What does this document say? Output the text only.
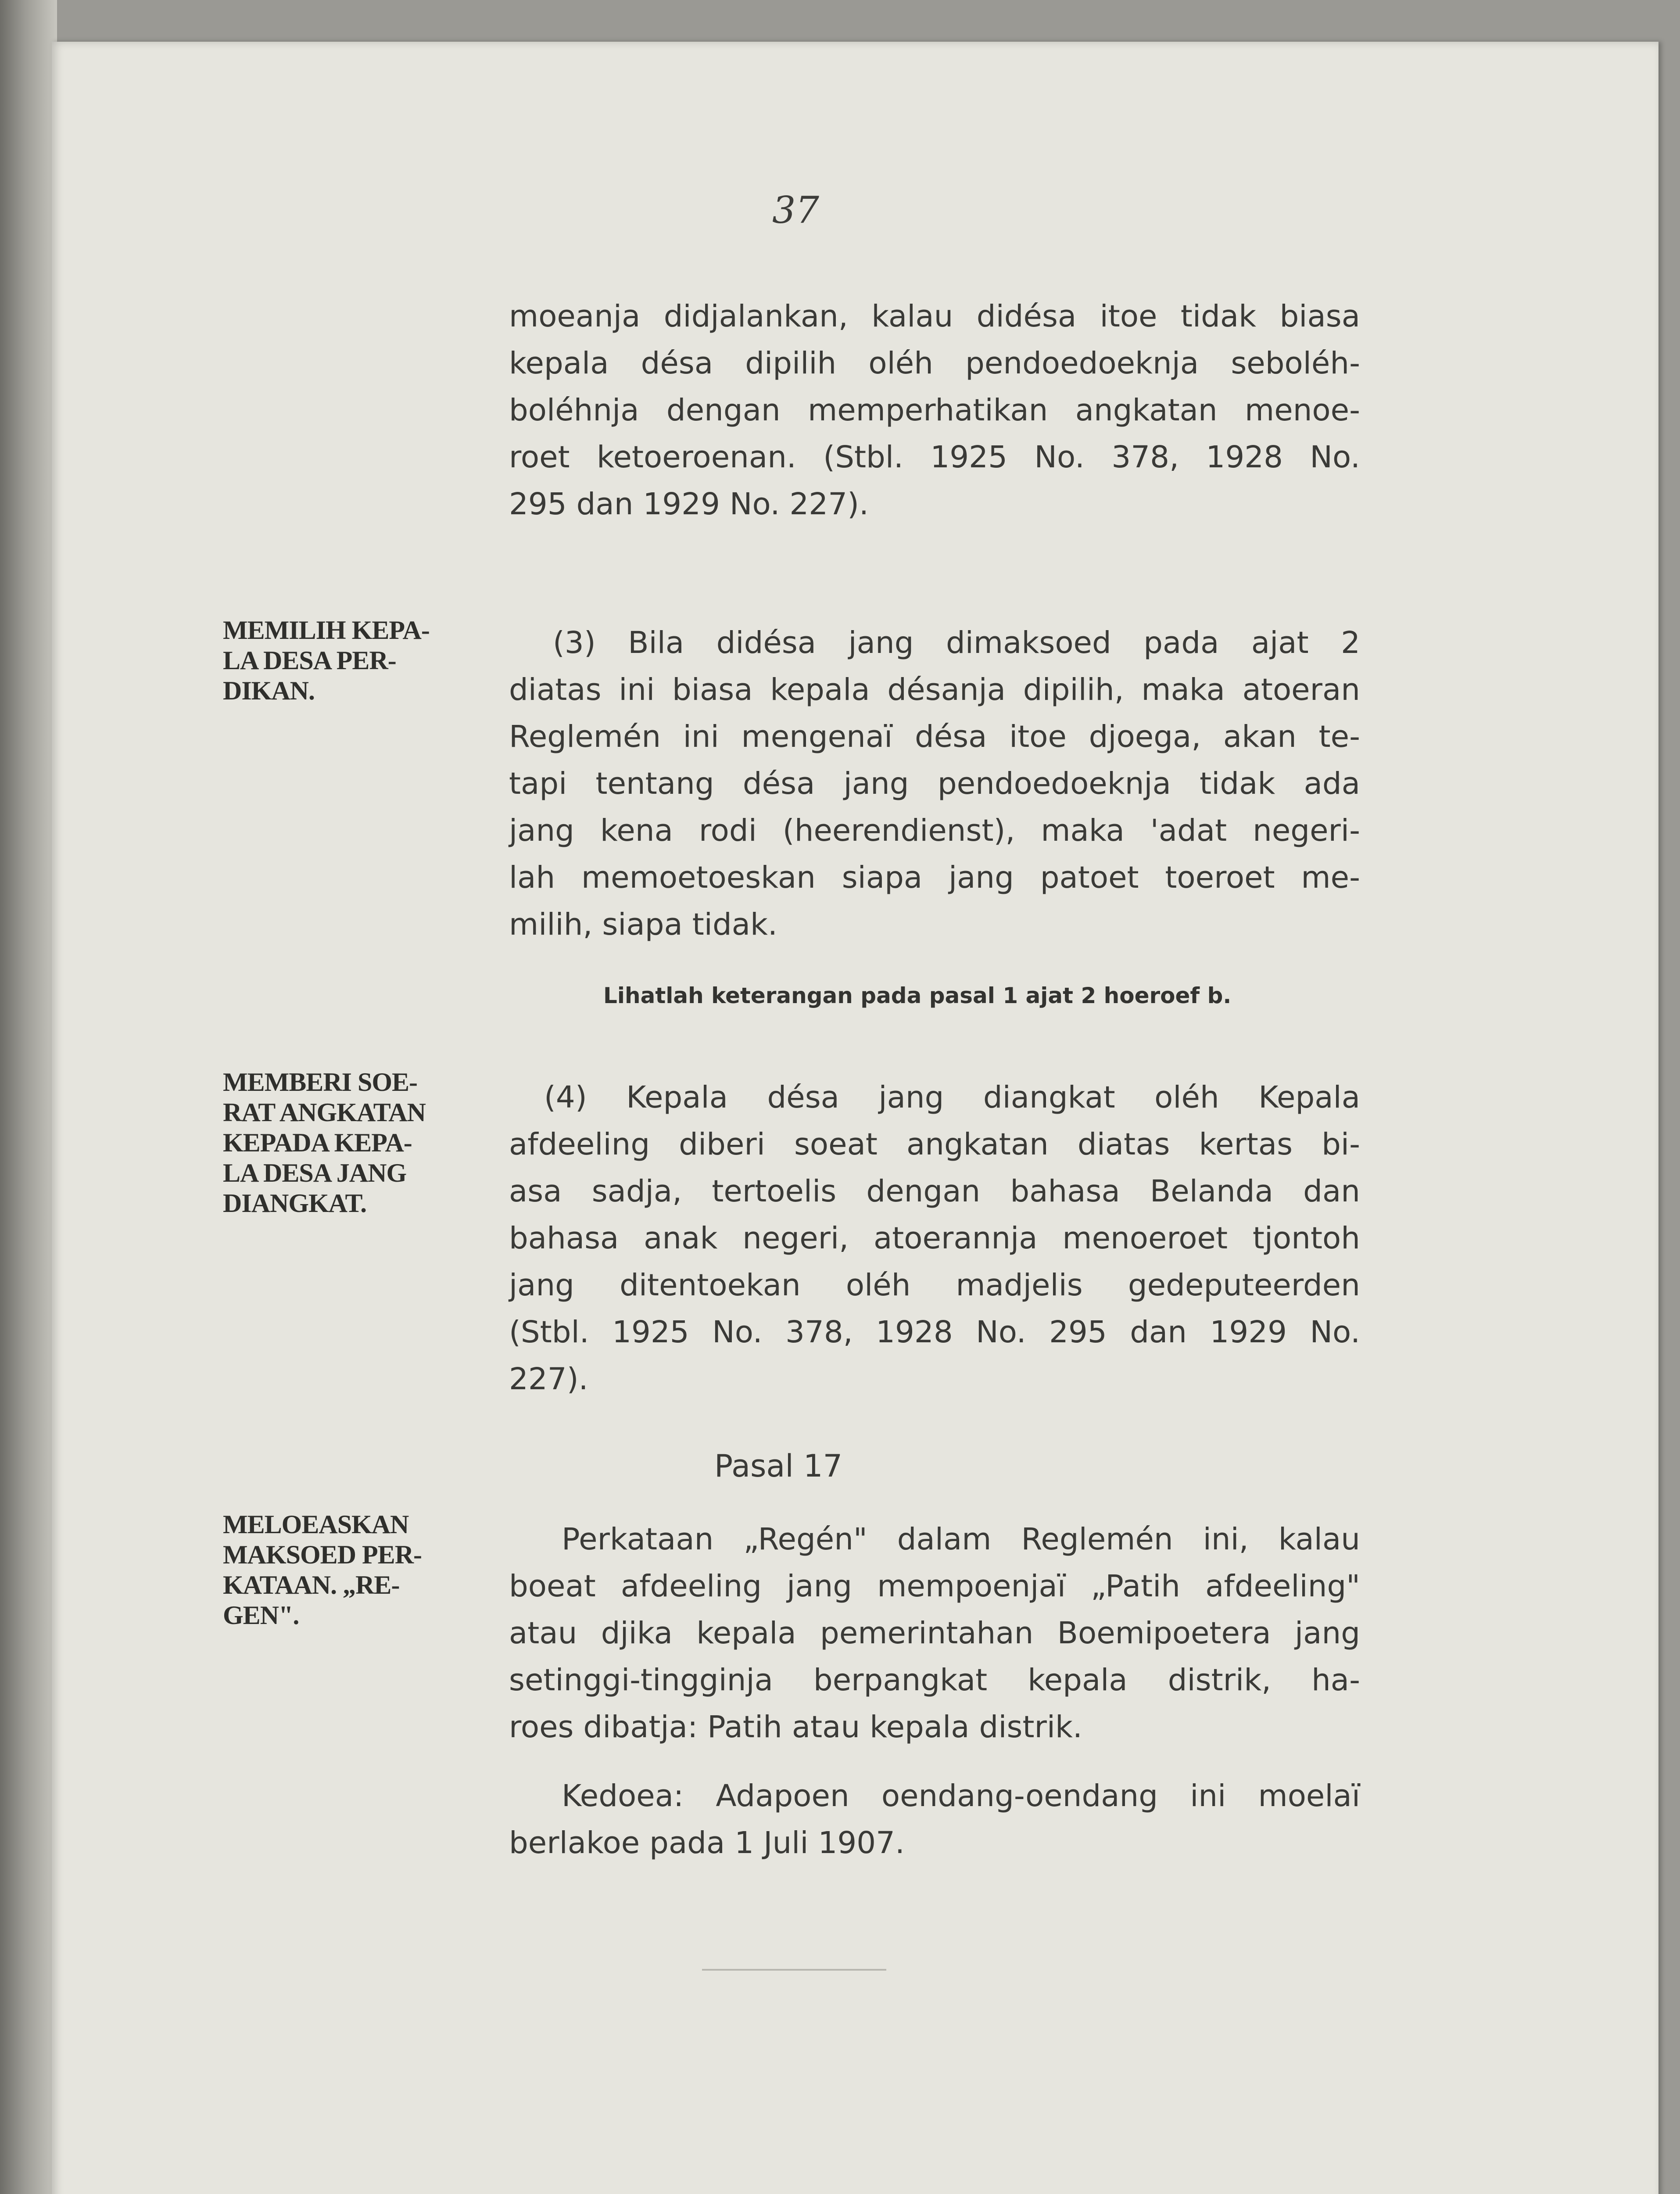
37
moeanja didjalankan, kalau didésa itoe tidak biasa
kepala désa dipilih oléh pendoedoeknja seboléh-
boléhnja dengan memperhatikan angkatan menoe-
roet ketoeroenan. (Stbl. 1925 No. 378, 1928 No.
295 dan 1929 No. 227).
MEMILIH KEPA-
LA DESA PER-
DIKAN.
(3) Bila didésa jang dimaksoed pada ajat 2
diatas ini biasa kepala désanja dipilih, maka atoeran
Reglemén ini mengenaï désa itoe djoega, akan te-
tapi tentang désa jang pendoedoeknja tidak ada
jang kena rodi (heerendienst), maka 'adat negeri-
lah memoetoeskan siapa jang patoet toeroet me-
milih, siapa tidak.
Lihatlah keterangan pada pasal 1 ajat 2 hoeroef b.
MEMBERI SOE-
RAT ANGKATAN
KEPADA KEPA-
LA DESA JANG
DIANGKAT.
(4) Kepala désa jang diangkat oléh Kepala
afdeeling diberi soeat angkatan diatas kertas bi-
asa sadja, tertoelis dengan bahasa Belanda dan
bahasa anak negeri, atoerannja menoeroet tjontoh
jang ditentoekan oléh madjelis gedeputeerden
(Stbl. 1925 No. 378, 1928 No. 295 dan 1929 No.
227).
Pasal 17
MELOEASKAN
MAKSOED PER-
KATAAN. „RE-
GEN".
Perkataan „Regén" dalam Reglemén ini, kalau
boeat afdeeling jang mempoenjaï „Patih afdeeling"
atau djika kepala pemerintahan Boemipoetera jang
setinggi-tingginja berpangkat kepala distrik, ha-
roes dibatja: Patih atau kepala distrik.
Kedoea: Adapoen oendang-oendang ini moelaï
berlakoe pada 1 Juli 1907.
